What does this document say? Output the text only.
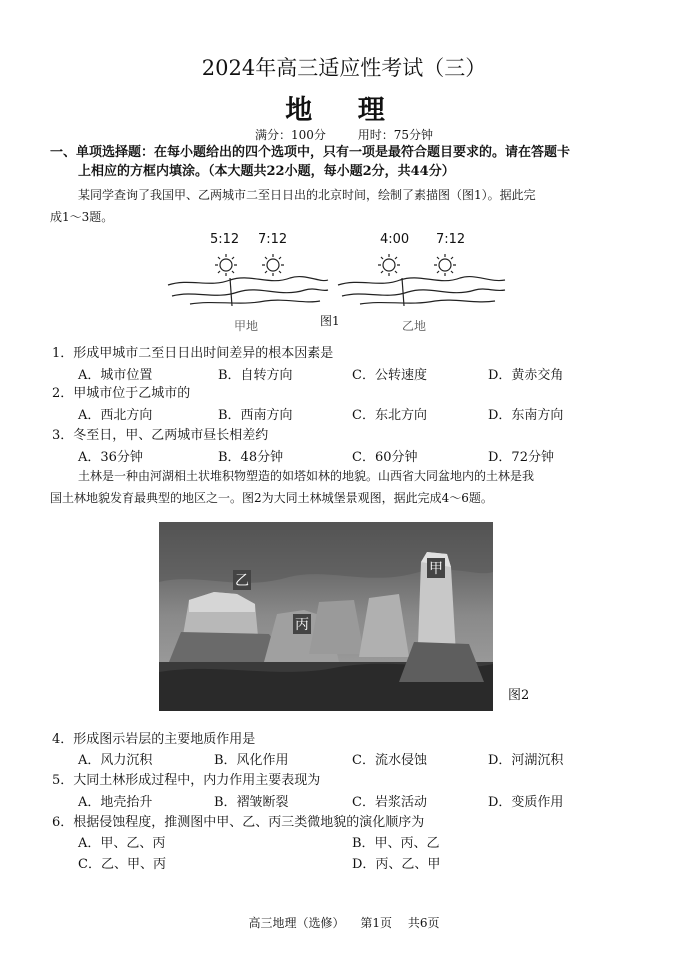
2024年高三适应性考试（三）
地 理
满分：100分	用时：75分钟
一、单项选择题：在每小题给出的四个选项中，只有一项是最符合题目要求的。请在答题卡
上相应的方框内填涂。（本大题共22小题，每小题2分，共44分）
某同学查询了我国甲、乙两城市二至日日出的北京时间，绘制了素描图（图1）。据此完
成1～3题。
5:12 7:12	4:00 7:12
甲地	图1	乙地
1．形成甲城市二至日日出时间差异的根本因素是
A．城市位置	B．自转方向	C．公转速度	D．黄赤交角
2．甲城市位于乙城市的
A．西北方向	B．西南方向	C．东北方向	D．东南方向
3．冬至日，甲、乙两城市昼长相差约
A．36分钟	B．48分钟	C．60分钟	D．72分钟
土林是一种由河湖相土状堆积物塑造的如塔如林的地貌。山西省大同盆地内的土林是我
国土林地貌发育最典型的地区之一。图2为大同土林城堡景观图，据此完成4～6题。
乙
甲
丙
图2
4．形成图示岩层的主要地质作用是
A．风力沉积	B．风化作用	C．流水侵蚀	D．河湖沉积
5．大同土林形成过程中，内力作用主要表现为
A．地壳抬升	B．褶皱断裂	C．岩浆活动	D．变质作用
6．根据侵蚀程度，推测图中甲、乙、丙三类微地貌的演化顺序为
A．甲、乙、丙	B．甲、丙、乙
C．乙、甲、丙	D．丙、乙、甲
高三地理（选修） 第1页 共6页
